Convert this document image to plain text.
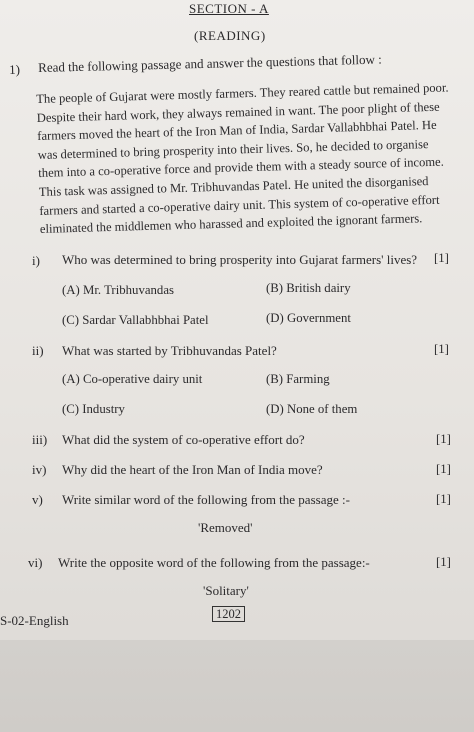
SECTION - A
(READING)
1) Read the following passage and answer the questions that follow :
The people of Gujarat were mostly farmers. They reared cattle but remained poor.
Despite their hard work, they always remained in want. The poor plight of these
farmers moved the heart of the Iron Man of India, Sardar Vallabhbhai Patel. He
was determined to bring prosperity into their lives. So, he decided to organise
them into a co-operative force and provide them with a steady source of income.
This task was assigned to Mr. Tribhuvandas Patel. He united the disorganised
farmers and started a co-operative dairy unit. This system of co-operative effort
eliminated the middlemen who harassed and exploited the ignorant farmers.
i) Who was determined to bring prosperity into Gujarat farmers' lives? [1]
(A) Mr. Tribhuvandas	(B) British dairy
(C) Sardar Vallabhbhai Patel	(D) Government
ii) What was started by Tribhuvandas Patel?	[1]
(A) Co-operative dairy unit	(B) Farming
(C) Industry	(D) None of them
iii) What did the system of co-operative effort do?	[1]
iv) Why did the heart of the Iron Man of India move?	[1]
v) Write similar word of the following from the passage :-	[1]
'Removed'
vi) Write the opposite word of the following from the passage:-	[1]
'Solitary'
S-02-English	1202
